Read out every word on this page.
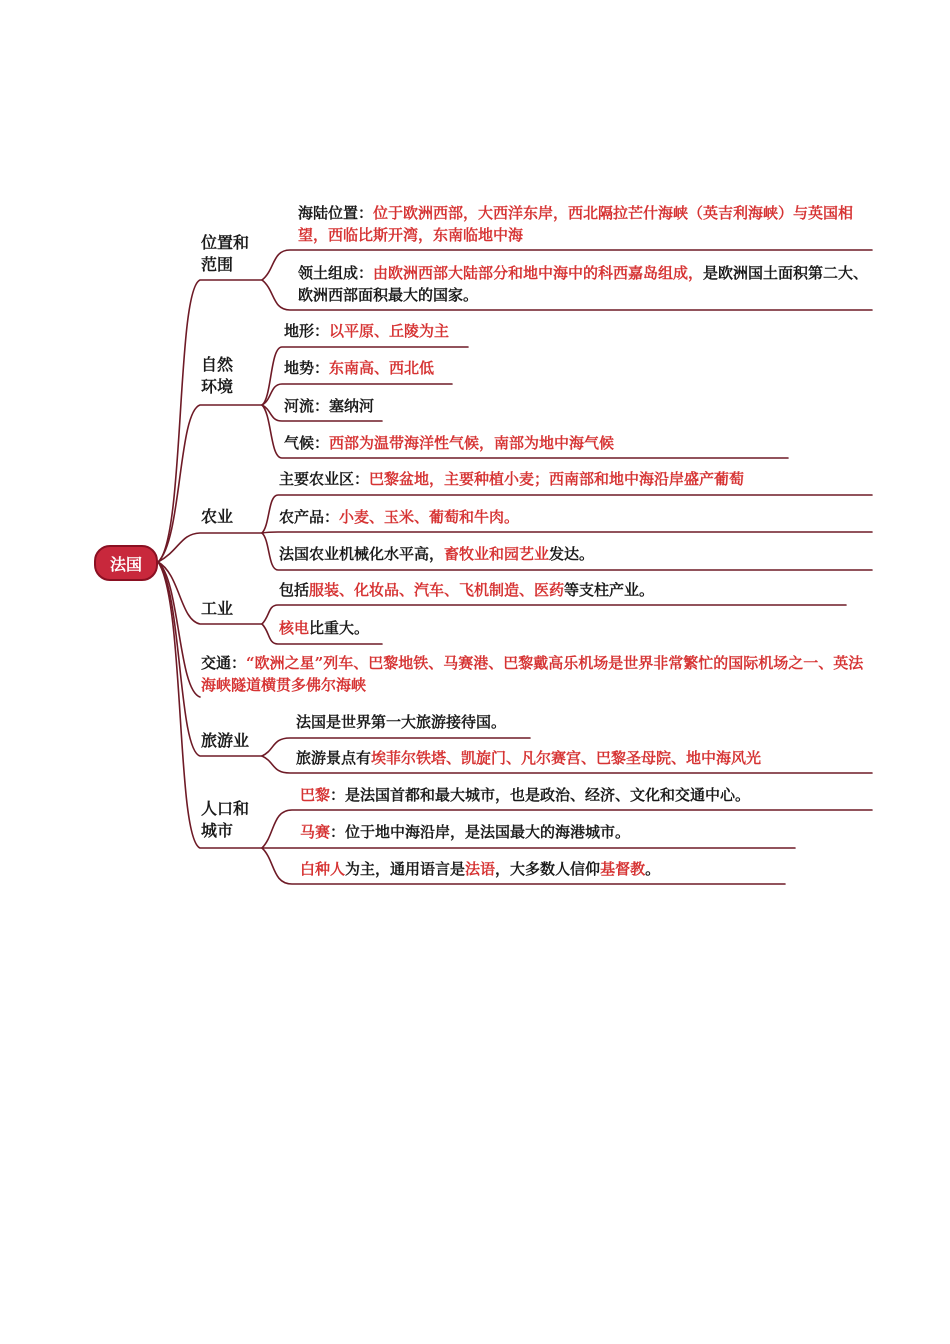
法国
位置和范围
海陆位置：位于欧洲西部，大西洋东岸，西北隔拉芒什海峡（英吉利海峡）与英国相望，西临比斯开湾，东南临地中海
领土组成：由欧洲西部大陆部分和地中海中的科西嘉岛组成，是欧洲国土面积第二大、欧洲西部面积最大的国家。
自然环境
地形：以平原、丘陵为主
地势：东南高、西北低
河流：塞纳河
气候：西部为温带海洋性气候，南部为地中海气候
农业
主要农业区：巴黎盆地，主要种植小麦；西南部和地中海沿岸盛产葡萄
农产品：小麦、玉米、葡萄和牛肉。
法国农业机械化水平高，畜牧业和园艺业发达。
工业
包括服装、化妆品、汽车、飞机制造、医药等支柱产业。
核电比重大。
交通：“欧洲之星”列车、巴黎地铁、马赛港、巴黎戴高乐机场是世界非常繁忙的国际机场之一、英法海峡隧道横贯多佛尔海峡
旅游业
法国是世界第一大旅游接待国。
旅游景点有埃菲尔铁塔、凯旋门、凡尔赛宫、巴黎圣母院、地中海风光
人口和城市
巴黎：是法国首都和最大城市，也是政治、经济、文化和交通中心。
马赛：位于地中海沿岸，是法国最大的海港城市。
白种人为主，通用语言是法语，大多数人信仰基督教。
